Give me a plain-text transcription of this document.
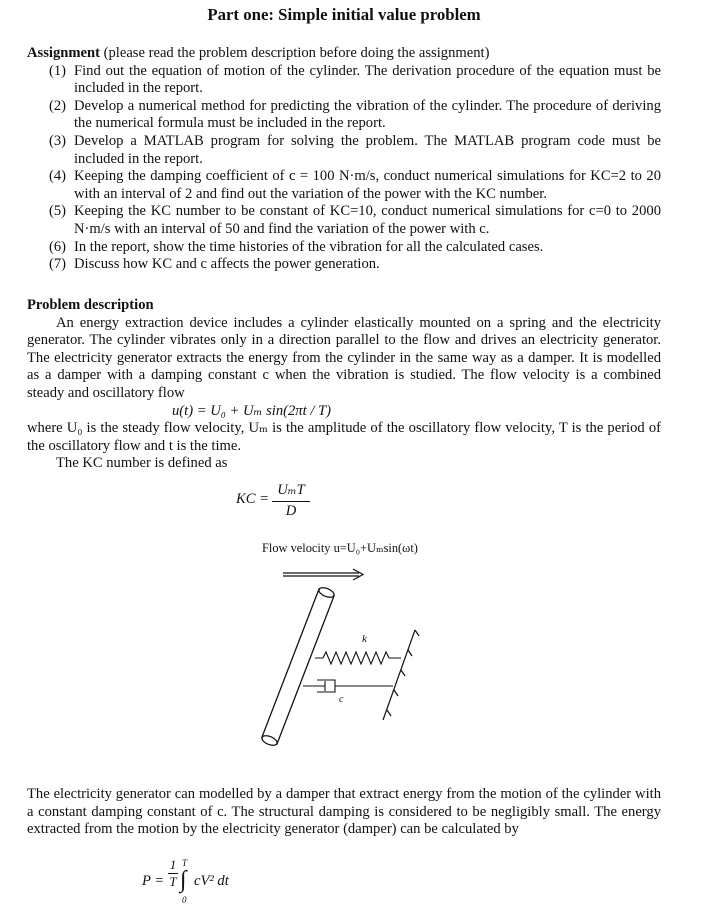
Part one: Simple initial value problem
Assignment (please read the problem description before doing the assignment)
(1) Find out the equation of motion of the cylinder. The derivation procedure of the equation must be included in the report.
(2) Develop a numerical method for predicting the vibration of the cylinder. The procedure of deriving the numerical formula must be included in the report.
(3) Develop a MATLAB program for solving the problem. The MATLAB program code must be included in the report.
(4) Keeping the damping coefficient of c = 100 N·m/s, conduct numerical simulations for KC=2 to 20 with an interval of 2 and find out the variation of the power with the KC number.
(5) Keeping the KC number to be constant of KC=10, conduct numerical simulations for c=0 to 2000 N·m/s with an interval of 50 and find the variation of the power with c.
(6) In the report, show the time histories of the vibration for all the calculated cases.
(7) Discuss how KC and c affects the power generation.
Problem description
An energy extraction device includes a cylinder elastically mounted on a spring and the electricity generator. The cylinder vibrates only in a direction parallel to the flow and drives an electricity generator. The electricity generator extracts the energy from the cylinder in the same way as a damper. It is modelled as a damper with a damping constant c when the vibration is studied. The flow velocity is a combined steady and oscillatory flow
u(t) = U₀ + Uₘ sin(2πt / T)
where U₀ is the steady flow velocity, Uₘ is the amplitude of the oscillatory flow velocity, T is the period of the oscillatory flow and t is the time.
The KC number is defined as
KC =
UₘT
D
Flow velocity u=U₀+Uₘsin(ωt)
k
c
The electricity generator can modelled by a damper that extract energy from the motion of the cylinder with a constant damping constant of c. The structural damping is considered to be negligibly small. The energy extracted from the motion by the electricity generator (damper) can be calculated by
P =
1
T
T
∫
0
cV² dt
